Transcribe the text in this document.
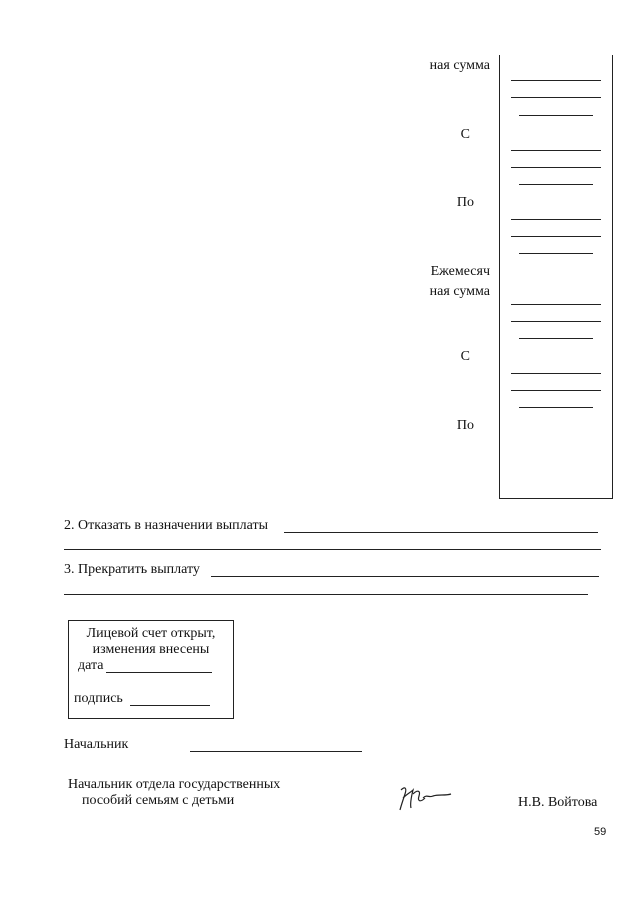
ная сумма
С
По
Ежемесяч
ная сумма
С
По
2. Отказать в назначении выплаты
3. Прекратить выплату
Лицевой счет открыт,
изменения внесены
дата
подпись
Начальник
Начальник отдела государственных
пособий семьям с детьми	Н.В. Войтова
59
